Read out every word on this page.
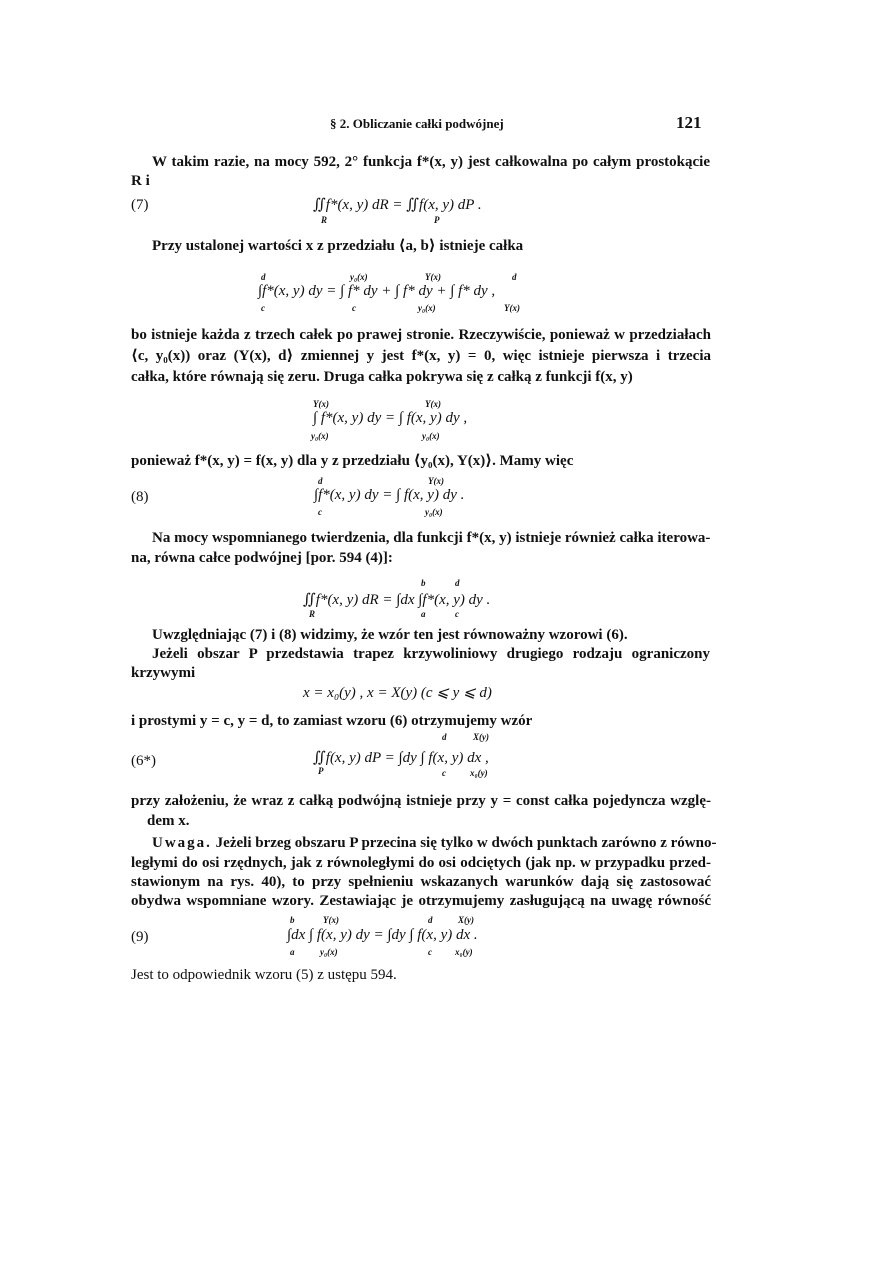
§ 2. Obliczanie całki podwójnej	121
W takim razie, na mocy 592, 2° funkcja f*(x, y) jest całkowalna po całym prostokącie
R i
(7)	∬f*(x, y) dR = ∬f(x, y) dP .
R	P
Przy ustalonej wartości x z przedziału ⟨a, b⟩ istnieje całka
d	y₀(x)	Y(x)	d
∫f*(x, y) dy = ∫ f* dy + ∫ f* dy + ∫ f* dy ,
c	c	y₀(x)	Y(x)
bo istnieje każda z trzech całek po prawej stronie. Rzeczywiście, ponieważ w przedziałach
⟨c, y₀(x)) oraz (Y(x), d⟩ zmiennej y jest f*(x, y) = 0, więc istnieje pierwsza i trzecia
całka, które równają się zeru. Druga całka pokrywa się z całką z funkcji f(x, y)
Y(x)	Y(x)
∫ f*(x, y) dy = ∫ f(x, y) dy ,
y₀(x)	y₀(x)
ponieważ f*(x, y) = f(x, y) dla y z przedziału ⟨y₀(x), Y(x)⟩. Mamy więc
d	Y(x)
(8)	∫f*(x, y) dy = ∫ f(x, y) dy .
c	y₀(x)
Na mocy wspomnianego twierdzenia, dla funkcji f*(x, y) istnieje również całka iterowa-
na, równa całce podwójnej [por. 594 (4)]:
b	d
∬f*(x, y) dR = ∫dx ∫f*(x, y) dy .
R	a	c
Uwzględniając (7) i (8) widzimy, że wzór ten jest równoważny wzorowi (6).
Jeżeli obszar P przedstawia trapez krzywoliniowy drugiego rodzaju ograniczony
krzywymi
x = x₀(y) , x = X(y) (c ⩽ y ⩽ d)
i prostymi y = c, y = d, to zamiast wzoru (6) otrzymujemy wzór
d	X(y)
(6*)	∬f(x, y) dP = ∫dy ∫ f(x, y) dx ,
P	c	x₀(y)
przy założeniu, że wraz z całką podwójną istnieje przy y = const całka pojedyncza wzglę-
dem x.
Uwaga. Jeżeli brzeg obszaru P przecina się tylko w dwóch punktach zarówno z równo-
ległymi do osi rzędnych, jak z równoległymi do osi odciętych (jak np. w przypadku przed-
stawionym na rys. 40), to przy spełnieniu wskazanych warunków dają się zastosować
obydwa wspomniane wzory. Zestawiając je otrzymujemy zasługującą na uwagę równość
b	Y(x)	d	X(y)
(9)	∫dx ∫ f(x, y) dy = ∫dy ∫ f(x, y) dx .
a	y₀(x)	c	x₀(y)
Jest to odpowiednik wzoru (5) z ustępu 594.
